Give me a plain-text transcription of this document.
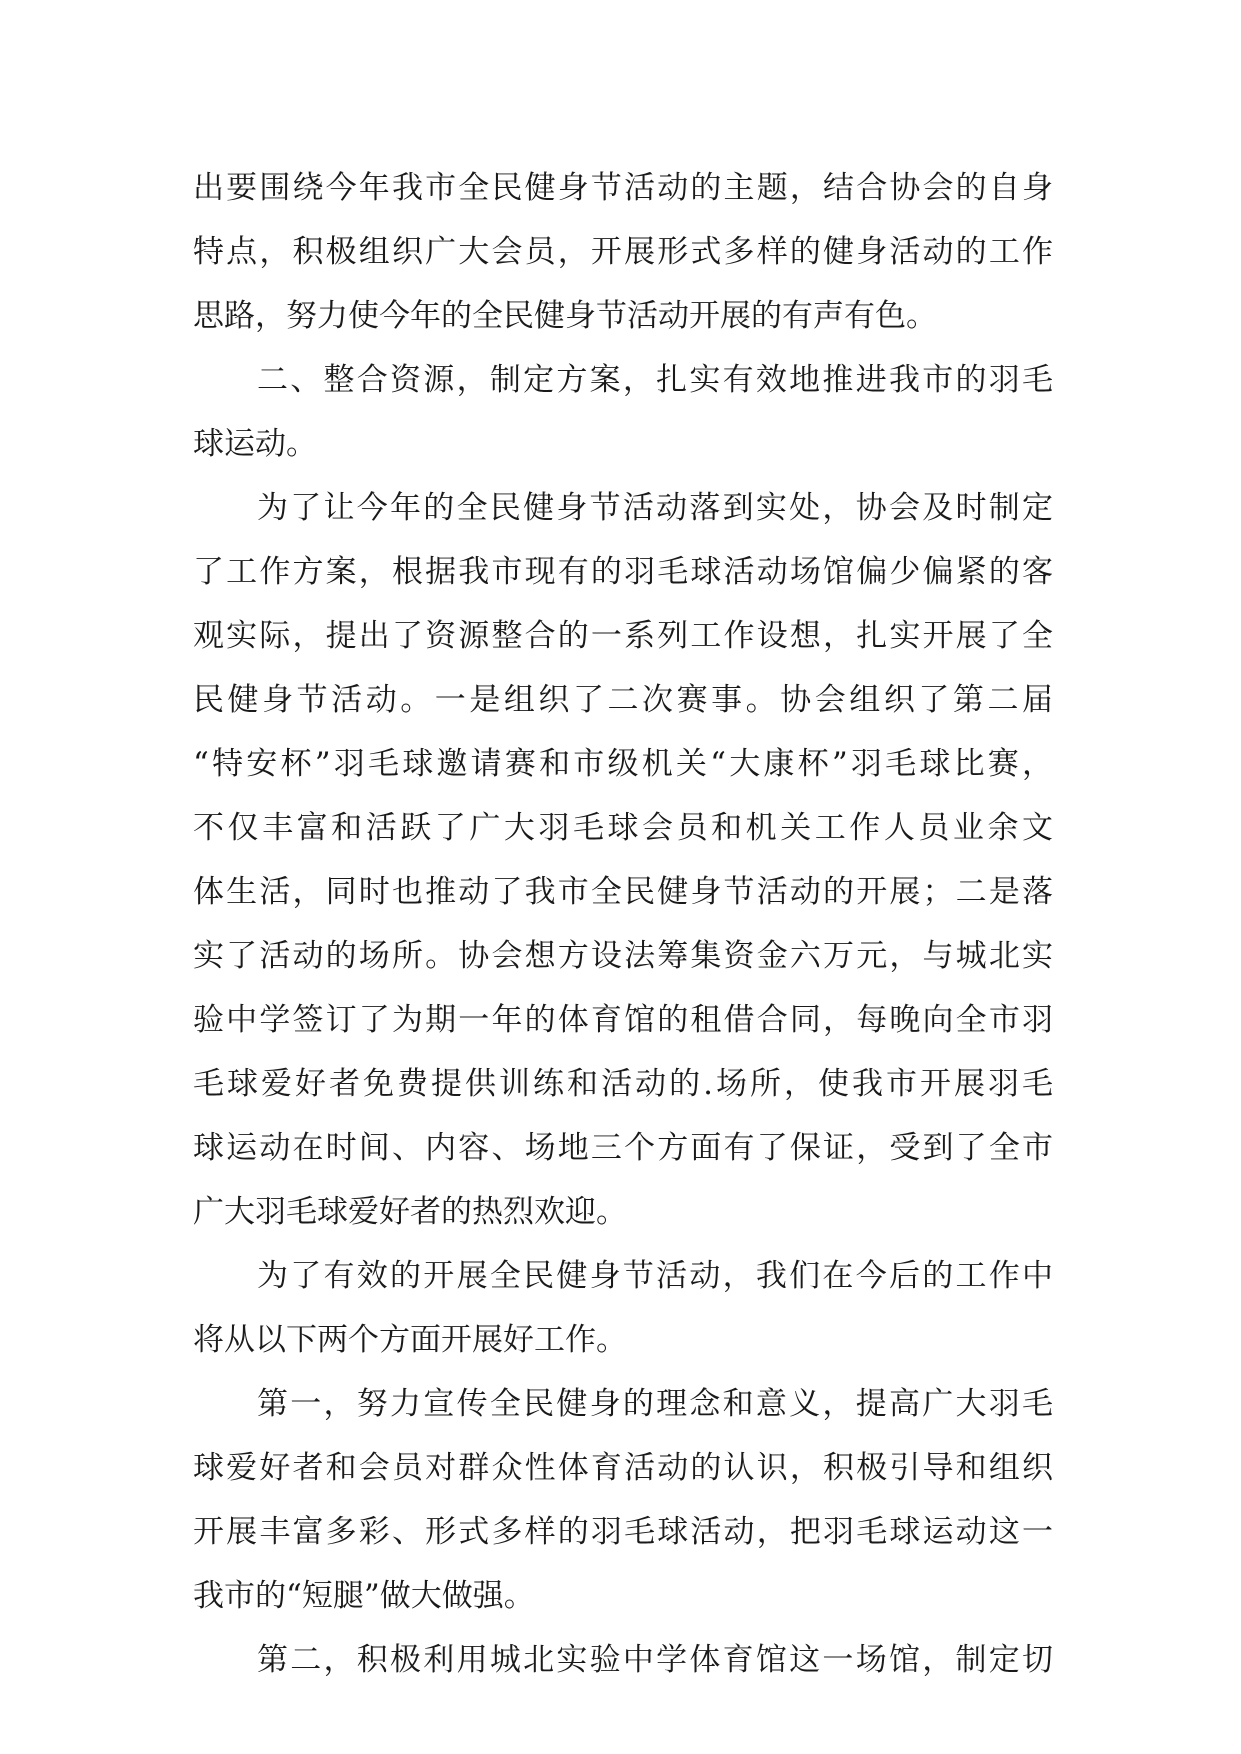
出要围绕今年我市全民健身节活动的主题，结合协会的自身
特点，积极组织广大会员，开展形式多样的健身活动的工作
思路，努力使今年的全民健身节活动开展的有声有色。
二、整合资源，制定方案，扎实有效地推进我市的羽毛
球运动。
为了让今年的全民健身节活动落到实处，协会及时制定
了工作方案，根据我市现有的羽毛球活动场馆偏少偏紧的客
观实际，提出了资源整合的一系列工作设想，扎实开展了全
民健身节活动。一是组织了二次赛事。协会组织了第二届
“特安杯”羽毛球邀请赛和市级机关“大康杯”羽毛球比赛，
不仅丰富和活跃了广大羽毛球会员和机关工作人员业余文
体生活，同时也推动了我市全民健身节活动的开展；二是落
实了活动的场所。协会想方设法筹集资金六万元，与城北实
验中学签订了为期一年的体育馆的租借合同，每晚向全市羽
毛球爱好者免费提供训练和活动的.场所，使我市开展羽毛
球运动在时间、内容、场地三个方面有了保证，受到了全市
广大羽毛球爱好者的热烈欢迎。
为了有效的开展全民健身节活动，我们在今后的工作中
将从以下两个方面开展好工作。
第一，努力宣传全民健身的理念和意义，提高广大羽毛
球爱好者和会员对群众性体育活动的认识，积极引导和组织
开展丰富多彩、形式多样的羽毛球活动，把羽毛球运动这一
我市的“短腿”做大做强。
第二，积极利用城北实验中学体育馆这一场馆，制定切
